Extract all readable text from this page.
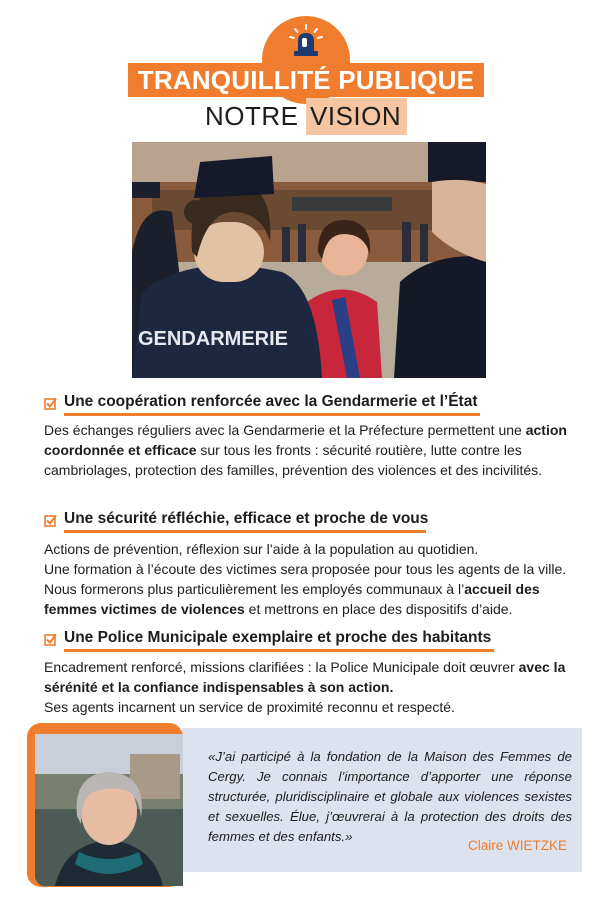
TRANQUILLITÉ PUBLIQUE
NOTRE VISION
GENDARMERIE
Une coopération renforcée avec la Gendarmerie et l’État
Des échanges réguliers avec la Gendarmerie et la Préfecture permettent une action coordonnée et efficace sur tous les fronts : sécurité routière, lutte contre les cambriolages, protection des familles, prévention des violences et des incivilités.
Une sécurité réfléchie, efficace et proche de vous
Actions de prévention, réflexion sur l’aide à la population au quotidien.
Une formation à l’écoute des victimes sera proposée pour tous les agents de la ville. Nous formerons plus particulièrement les employés communaux à l’accueil des femmes victimes de violences et mettrons en place des dispositifs d’aide.
Une Police Municipale exemplaire et proche des habitants
Encadrement renforcé, missions clarifiées : la Police Municipale doit œuvrer avec la sérénité et la confiance indispensables à son action.
Ses agents incarnent un service de proximité reconnu et respecté.
«J’ai participé à la fondation de la Maison des Femmes de Cergy. Je connais l’importance d’apporter une réponse structurée, pluridisciplinaire et globale aux violences sexistes et sexuelles. Élue, j’œuvrerai à la protection des droits des femmes et des enfants.»
Claire WIETZKE
